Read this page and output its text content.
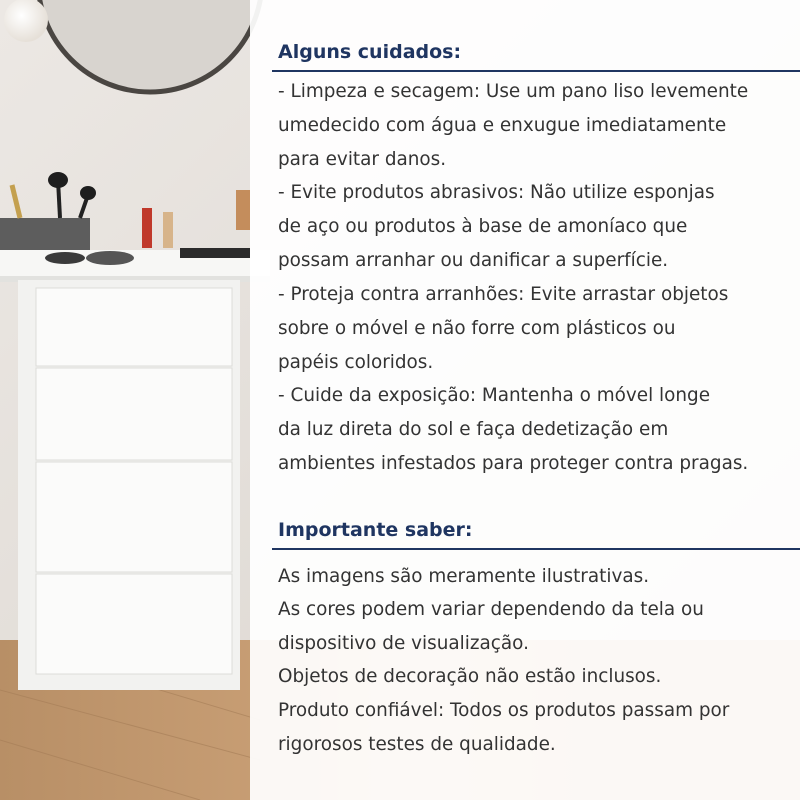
Alguns cuidados:

- Limpeza e secagem: Use um pano liso levemente

umedecido com água e enxugue imediatamente

para evitar danos.

- Evite produtos abrasivos: Não utilize esponjas

de aço ou produtos à base de amoníaco que

possam arranhar ou danificar a superfície.

- Proteja contra arranhões: Evite arrastar objetos

sobre o móvel e não forre com plásticos ou

papéis coloridos.

- Cuide da exposição: Mantenha o móvel longe

da luz direta do sol e faça dedetização em

ambientes infestados para proteger contra pragas.

Importante saber:

As imagens são meramente ilustrativas.

As cores podem variar dependendo da tela ou

dispositivo de visualização.

Objetos de decoração não estão inclusos.

Produto confiável: Todos os produtos passam por

rigorosos testes de qualidade.
